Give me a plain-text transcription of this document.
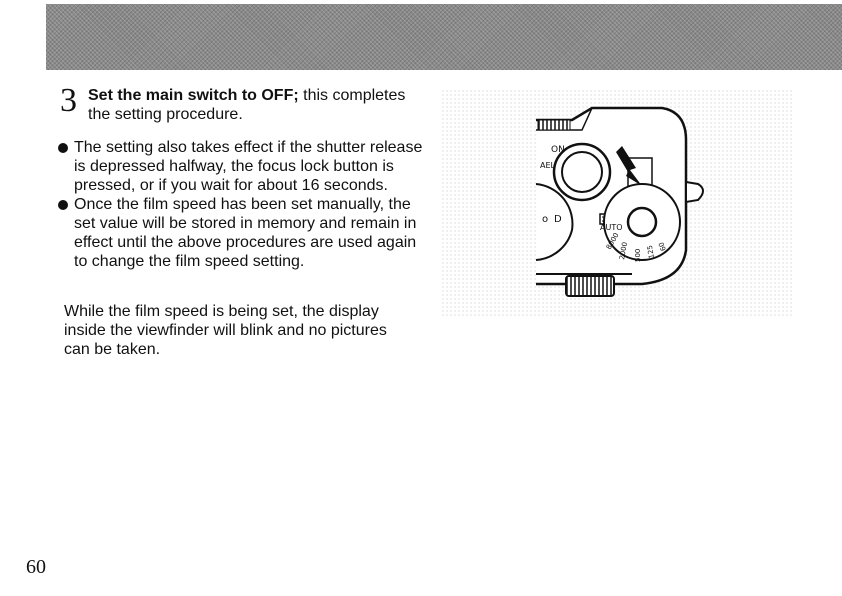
3 Set the main switch to OFF; this completes
the setting procedure.
The setting also takes effect if the shutter release is depressed halfway, the focus lock button is pressed, or if you wait for about 16 seconds.
Once the film speed has been set manually, the set value will be stored in memory and remain in effect until the above procedures are used again to change the film speed setting.
While the film speed is being set, the display inside the viewfinder will blink and no pictures can be taken.
ON
AEL
o D
AUTO
8000
2000 500 125 60
60
